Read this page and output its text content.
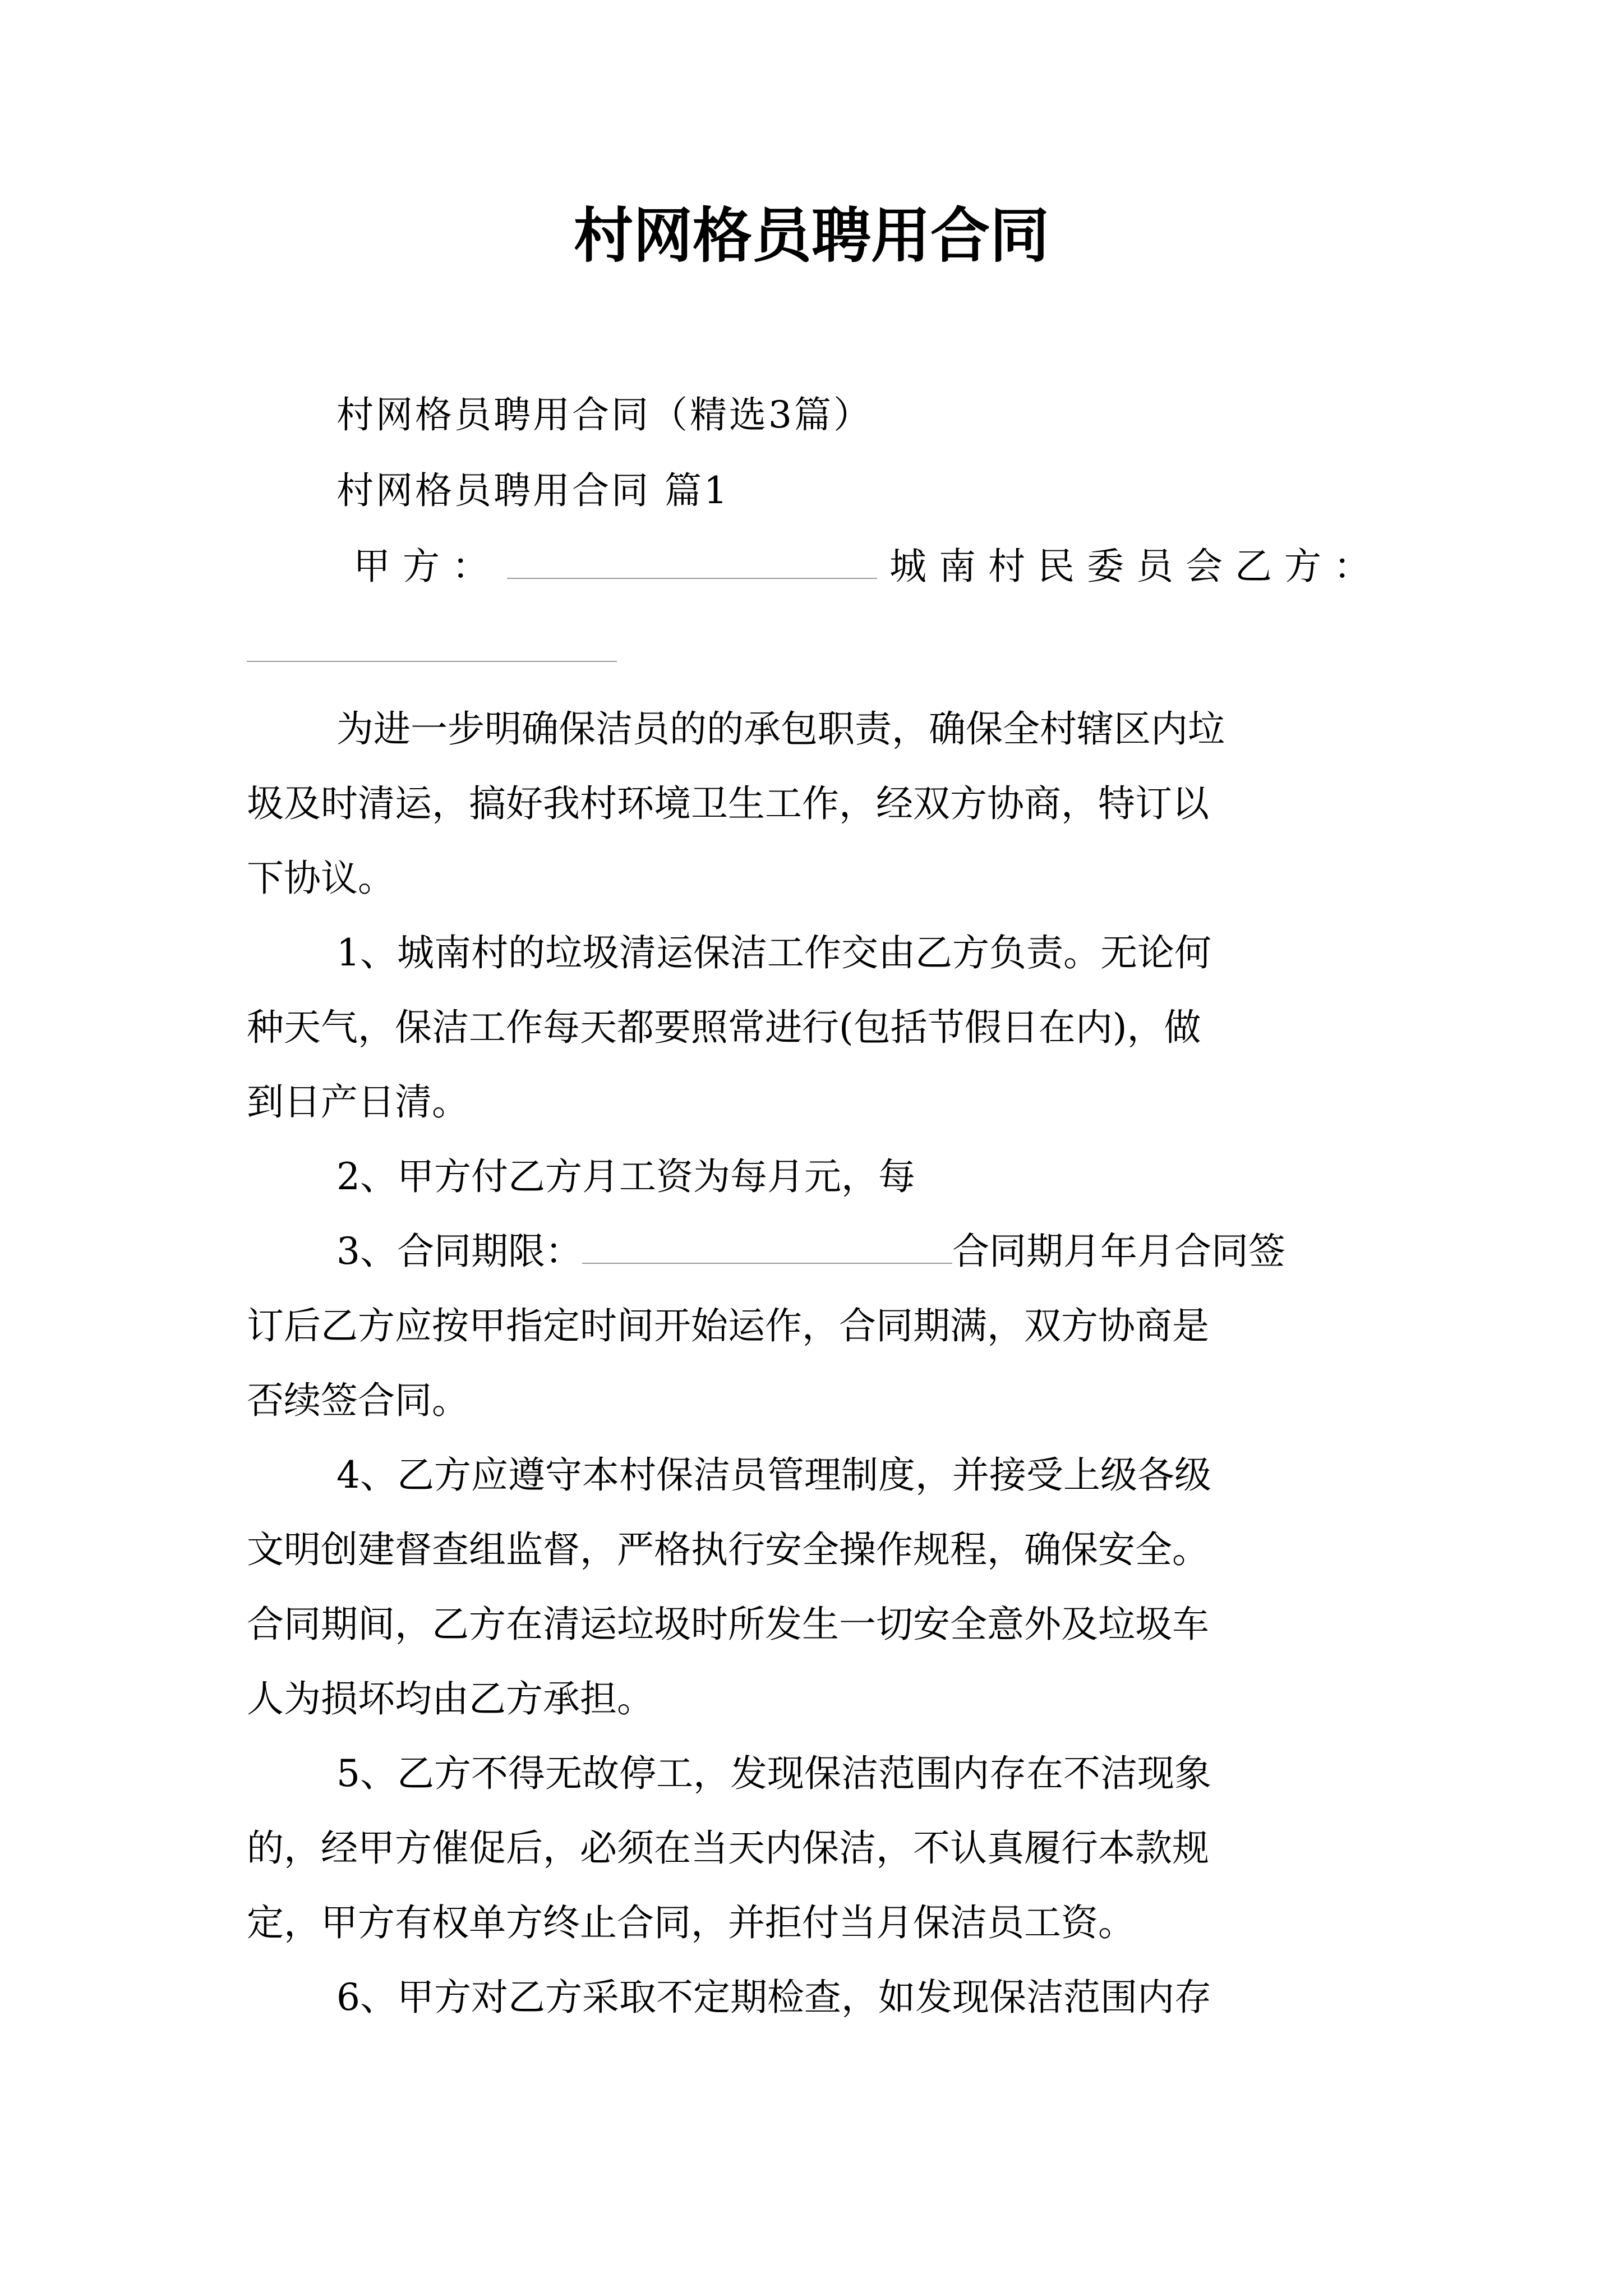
村网格员聘用合同
村网格员聘用合同（精选3篇）
村网格员聘用合同 篇1
甲方：	城南村民委员会乙方：
为进一步明确保洁员的的承包职责，确保全村辖区内垃
圾及时清运，搞好我村环境卫生工作，经双方协商，特订以
下协议。
1、城南村的垃圾清运保洁工作交由乙方负责。无论何
种天气，保洁工作每天都要照常进行(包括节假日在内)，做
到日产日清。
2、甲方付乙方月工资为每月元，每
3、合同期限：	合同期月年月合同签
订后乙方应按甲指定时间开始运作，合同期满，双方协商是
否续签合同。
4、乙方应遵守本村保洁员管理制度，并接受上级各级
文明创建督查组监督，严格执行安全操作规程，确保安全。
合同期间，乙方在清运垃圾时所发生一切安全意外及垃圾车
人为损坏均由乙方承担。
5、乙方不得无故停工，发现保洁范围内存在不洁现象
的，经甲方催促后，必须在当天内保洁，不认真履行本款规
定，甲方有权单方终止合同，并拒付当月保洁员工资。
6、甲方对乙方采取不定期检查，如发现保洁范围内存
